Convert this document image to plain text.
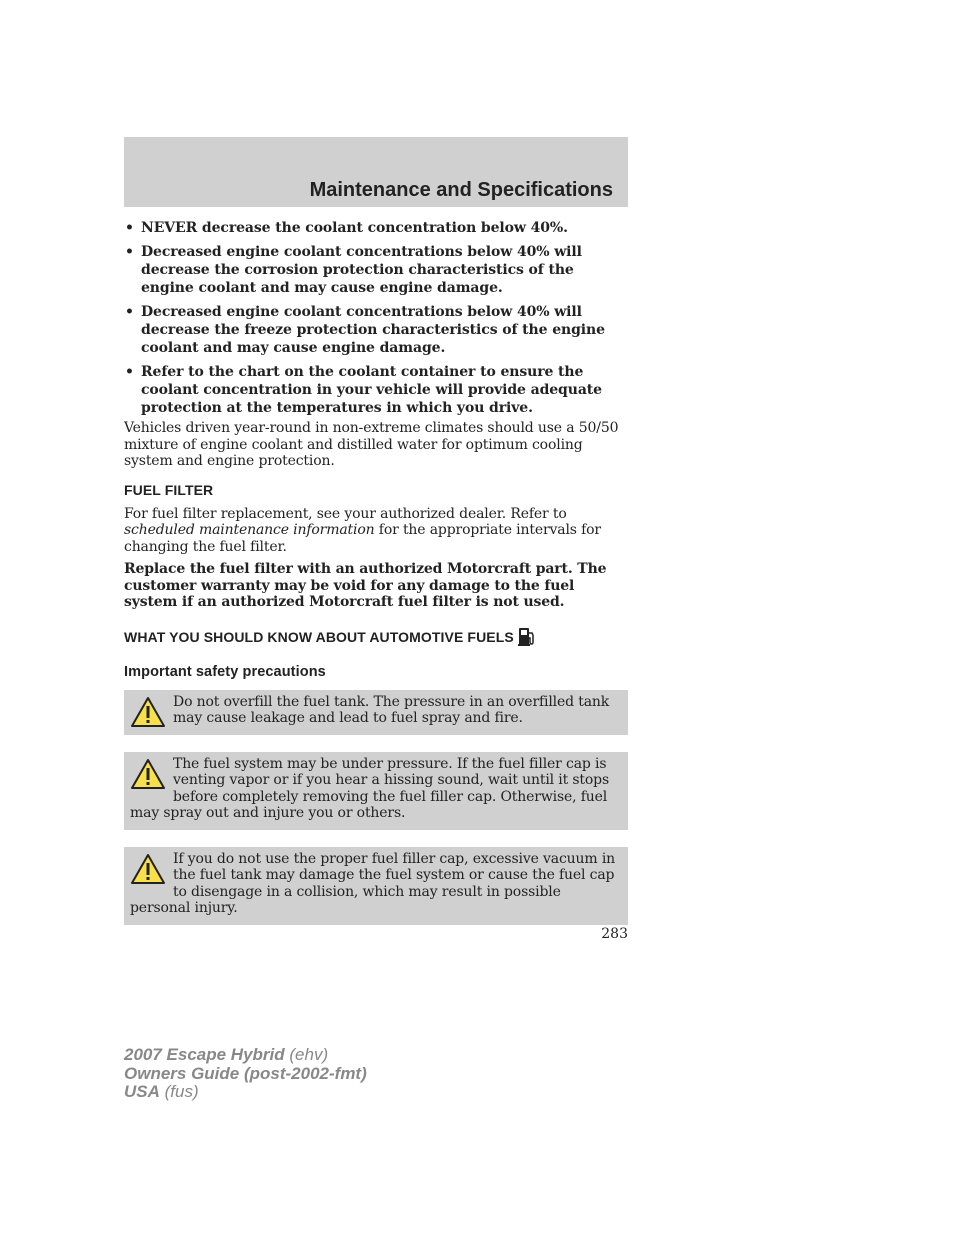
Maintenance and Specifications
• NEVER decrease the coolant concentration below 40%.
• Decreased engine coolant concentrations below 40% will decrease the corrosion protection characteristics of the engine coolant and may cause engine damage.
• Decreased engine coolant concentrations below 40% will decrease the freeze protection characteristics of the engine coolant and may cause engine damage.
• Refer to the chart on the coolant container to ensure the coolant concentration in your vehicle will provide adequate protection at the temperatures in which you drive.

Vehicles driven year-round in non-extreme climates should use a 50/50 mixture of engine coolant and distilled water for optimum cooling system and engine protection.

FUEL FILTER

For fuel filter replacement, see your authorized dealer. Refer to scheduled maintenance information for the appropriate intervals for changing the fuel filter.

Replace the fuel filter with an authorized Motorcraft part. The customer warranty may be void for any damage to the fuel system if an authorized Motorcraft fuel filter is not used.

WHAT YOU SHOULD KNOW ABOUT AUTOMOTIVE FUELS
Important safety precautions
Do not overfill the fuel tank. The pressure in an overfilled tank may cause leakage and lead to fuel spray and fire.
The fuel system may be under pressure. If the fuel filler cap is venting vapor or if you hear a hissing sound, wait until it stops before completely removing the fuel filler cap. Otherwise, fuel may spray out and injure you or others.
If you do not use the proper fuel filler cap, excessive vacuum in the fuel tank may damage the fuel system or cause the fuel cap to disengage in a collision, which may result in possible personal injury.
283
2007 Escape Hybrid (ehv)
Owners Guide (post-2002-fmt)
USA (fus)
